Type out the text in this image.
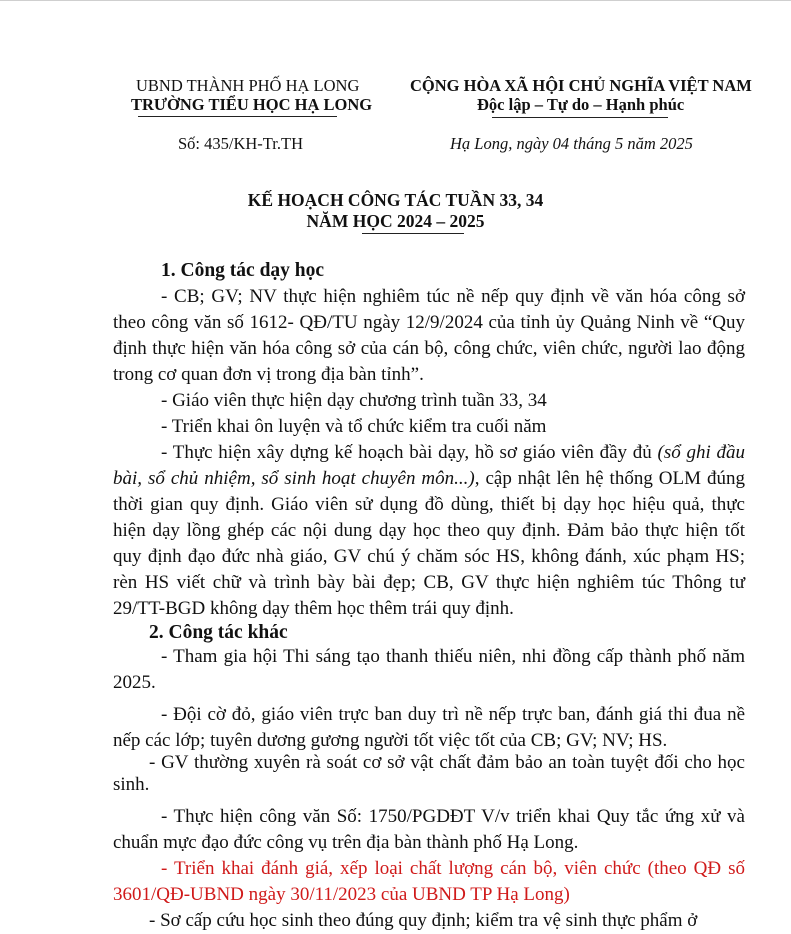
UBND THÀNH PHỐ HẠ LONG
TRƯỜNG TIỂU HỌC HẠ LONG
Số: 435/KH-Tr.TH
CỘNG HÒA XÃ HỘI CHỦ NGHĨA VIỆT NAM
Độc lập – Tự do – Hạnh phúc
Hạ Long, ngày 04 tháng 5 năm 2025
KẾ HOẠCH CÔNG TÁC TUẦN 33, 34
NĂM HỌC 2024 – 2025

1. Công tác dạy học

- CB; GV; NV thực hiện nghiêm túc nề nếp quy định về văn hóa công sở theo công văn số 1612- QĐ/TU ngày 12/9/2024 của tỉnh ủy Quảng Ninh về “Quy định thực hiện văn hóa công sở của cán bộ, công chức, viên chức, người lao động trong cơ quan đơn vị trong địa bàn tỉnh”.

- Giáo viên thực hiện dạy chương trình tuần 33, 34

- Triển khai ôn luyện và tổ chức kiểm tra cuối năm

- Thực hiện xây dựng kế hoạch bài dạy, hồ sơ giáo viên đầy đủ (sổ ghi đầu bài, sổ chủ nhiệm, sổ sinh hoạt chuyên môn...), cập nhật lên hệ thống OLM đúng thời gian quy định. Giáo viên sử dụng đồ dùng, thiết bị dạy học hiệu quả, thực hiện dạy lồng ghép các nội dung dạy học theo quy định. Đảm bảo thực hiện tốt quy định đạo đức nhà giáo, GV chú ý chăm sóc HS, không đánh, xúc phạm HS; rèn HS viết chữ và trình bày bài đẹp; CB, GV thực hiện nghiêm túc Thông tư 29/TT-BGD không dạy thêm học thêm trái quy định.

2. Công tác khác

- Tham gia hội Thi sáng tạo thanh thiếu niên, nhi đồng cấp thành phố năm 2025.

- Đội cờ đỏ, giáo viên trực ban duy trì nề nếp trực ban, đánh giá thi đua nề nếp các lớp; tuyên dương gương người tốt việc tốt của CB; GV; NV; HS.

- GV thường xuyên rà soát cơ sở vật chất đảm bảo an toàn tuyệt đối cho học sinh.

- Thực hiện công văn Số: 1750/PGDĐT V/v triển khai Quy tắc ứng xử và chuẩn mực đạo đức công vụ trên địa bàn thành phố Hạ Long.

- Triển khai đánh giá, xếp loại chất lượng cán bộ, viên chức (theo QĐ số 3601/QĐ-UBND ngày 30/11/2023 của UBND TP Hạ Long)

- Sơ cấp cứu học sinh theo đúng quy định; kiểm tra vệ sinh thực phẩm ở
